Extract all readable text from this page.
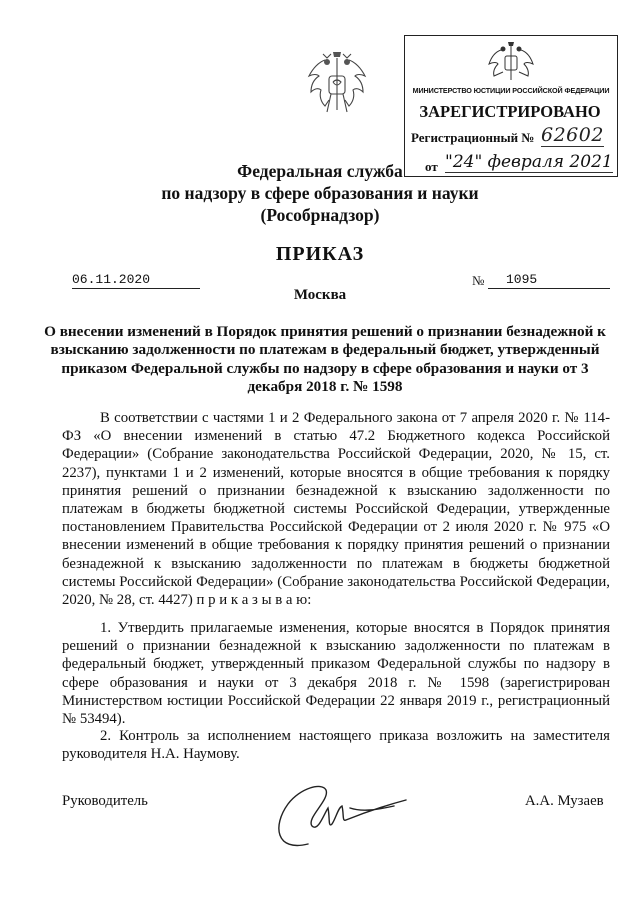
МИНИСТЕРСТВО ЮСТИЦИИ РОССИЙСКОЙ ФЕДЕРАЦИИ
ЗАРЕГИСТРИРОВАНО
Регистрационный № 62602
от "24" февраля 2021
Федеральная служба
по надзору в сфере образования и науки
(Рособрнадзор)
ПРИКАЗ
06.11.2020	№	1095
Москва
О внесении изменений в Порядок принятия решений о признании безнадежной к взысканию задолженности по платежам в федеральный бюджет, утвержденный приказом Федеральной службы по надзору в сфере образования и науки от 3 декабря 2018 г. № 1598
В соответствии с частями 1 и 2 Федерального закона от 7 апреля 2020 г. № 114-ФЗ «О внесении изменений в статью 47.2 Бюджетного кодекса Российской Федерации» (Собрание законодательства Российской Федерации, 2020, № 15, ст. 2237), пунктами 1 и 2 изменений, которые вносятся в общие требования к порядку принятия решений о признании безнадежной к взысканию задолженности по платежам в бюджеты бюджетной системы Российской Федерации, утвержденные постановлением Правительства Российской Федерации от 2 июля 2020 г. № 975 «О внесении изменений в общие требования к порядку принятия решений о признании безнадежной к взысканию задолженности по платежам в бюджеты бюджетной системы Российской Федерации» (Собрание законодательства Российской Федерации, 2020, № 28, ст. 4427) п р и к а з ы в а ю:
1. Утвердить прилагаемые изменения, которые вносятся в Порядок принятия решений о признании безнадежной к взысканию задолженности по платежам в федеральный бюджет, утвержденный приказом Федеральной службы по надзору в сфере образования и науки от 3 декабря 2018 г. № 1598 (зарегистрирован Министерством юстиции Российской Федерации 22 января 2019 г., регистрационный № 53494).
2. Контроль за исполнением настоящего приказа возложить на заместителя руководителя Н.А. Наумову.
Руководитель	А.А. Музаев
